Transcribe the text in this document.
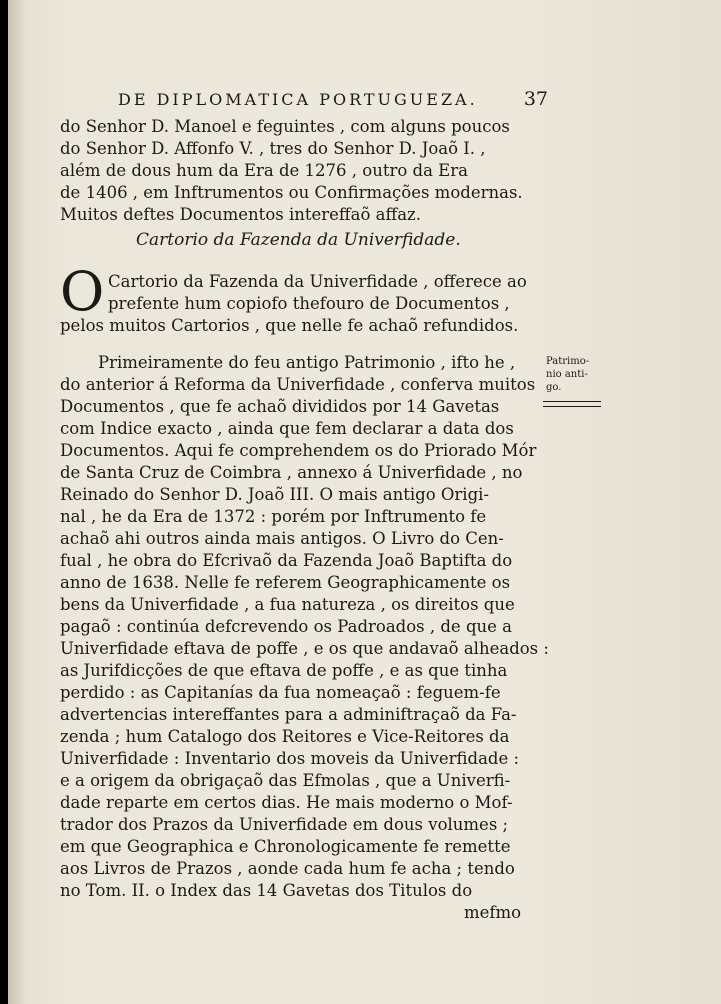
DE DIPLOMATICA PORTUGUEZA. 37
do Senhor D. Manoel e feguintes , com alguns poucos
do Senhor D. Affonfo V. , tres do Senhor D. Joaõ I. ,
além de dous hum da Era de 1276 , outro da Era
de 1406 , em Inftrumentos ou Confirmações modernas.
Muitos deftes Documentos intereffaõ affaz.
Cartorio da Fazenda da Univerfidade.
O Cartorio da Fazenda da Univerfidade , offerece ao
prefente hum copiofo thefouro de Documentos ,
pelos muitos Cartorios , que nelle fe achaõ refundidos.
Primeiramente do feu antigo Patrimonio , ifto he ,
do anterior á Reforma da Univerfidade , conferva muitos
Documentos , que fe achaõ divididos por 14 Gavetas
com Indice exacto , ainda que fem declarar a data dos
Documentos. Aqui fe comprehendem os do Priorado Mór
de Santa Cruz de Coimbra , annexo á Univerfidade , no
Reinado do Senhor D. Joaõ III. O mais antigo Origi-
nal , he da Era de 1372 : porém por Inftrumento fe
achaõ ahi outros ainda mais antigos. O Livro do Cen-
fual , he obra do Efcrivaõ da Fazenda Joaõ Baptifta do
anno de 1638. Nelle fe referem Geographicamente os
bens da Univerfidade , a fua natureza , os direitos que
pagaõ : continúa defcrevendo os Padroados , de que a
Univerfidade eftava de poffe , e os que andavaõ alheados :
as Jurifdicções de que eftava de poffe , e as que tinha
perdido : as Capitanías da fua nomeaçaõ : feguem-fe
advertencias intereffantes para a adminiftraçaõ da Fa-
zenda ; hum Catalogo dos Reitores e Vice-Reitores da
Univerfidade : Inventario dos moveis da Univerfidade :
e a origem da obrigaçaõ das Efmolas , que a Univerfi-
dade reparte em certos dias. He mais moderno o Mof-
trador dos Prazos da Univerfidade em dous volumes ;
em que Geographica e Chronologicamente fe remette
aos Livros de Prazos , aonde cada hum fe acha ; tendo
no Tom. II. o Index das 14 Gavetas dos Titulos do
mefmo
Patrimo-
nio anti-
go.
